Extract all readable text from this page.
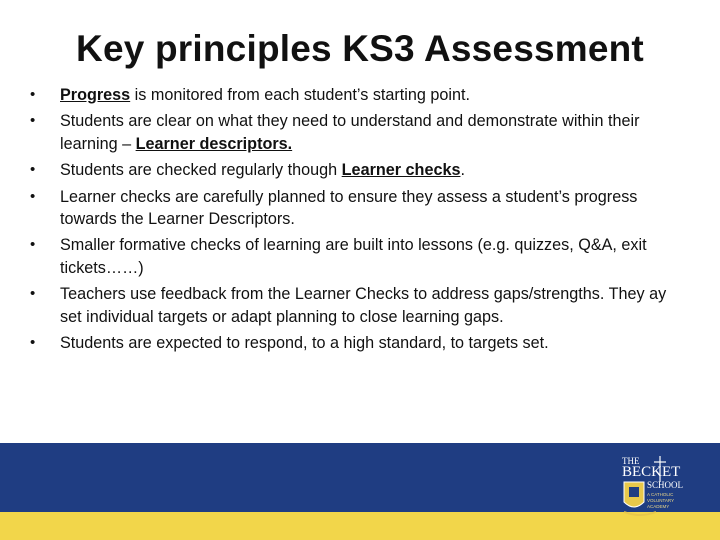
Key principles KS3 Assessment
• Progress is monitored from each student’s starting point.
• Students are clear on what they need to understand and demonstrate within their learning – Learner descriptors.
• Students are checked regularly though Learner checks.
• Learner checks are carefully planned to ensure they assess a student’s progress towards the Learner Descriptors.
• Smaller formative checks of learning are built into lessons (e.g. quizzes, Q&A, exit tickets……)
• Teachers use feedback from the Learner Checks to address gaps/strengths. They ay set individual targets or adapt planning to close learning gaps.
• Students are expected to respond, to a high standard, to targets set.
THE
BECKET
SCHOOL
A CATHOLIC
VOLUNTARY
ACADEMY
